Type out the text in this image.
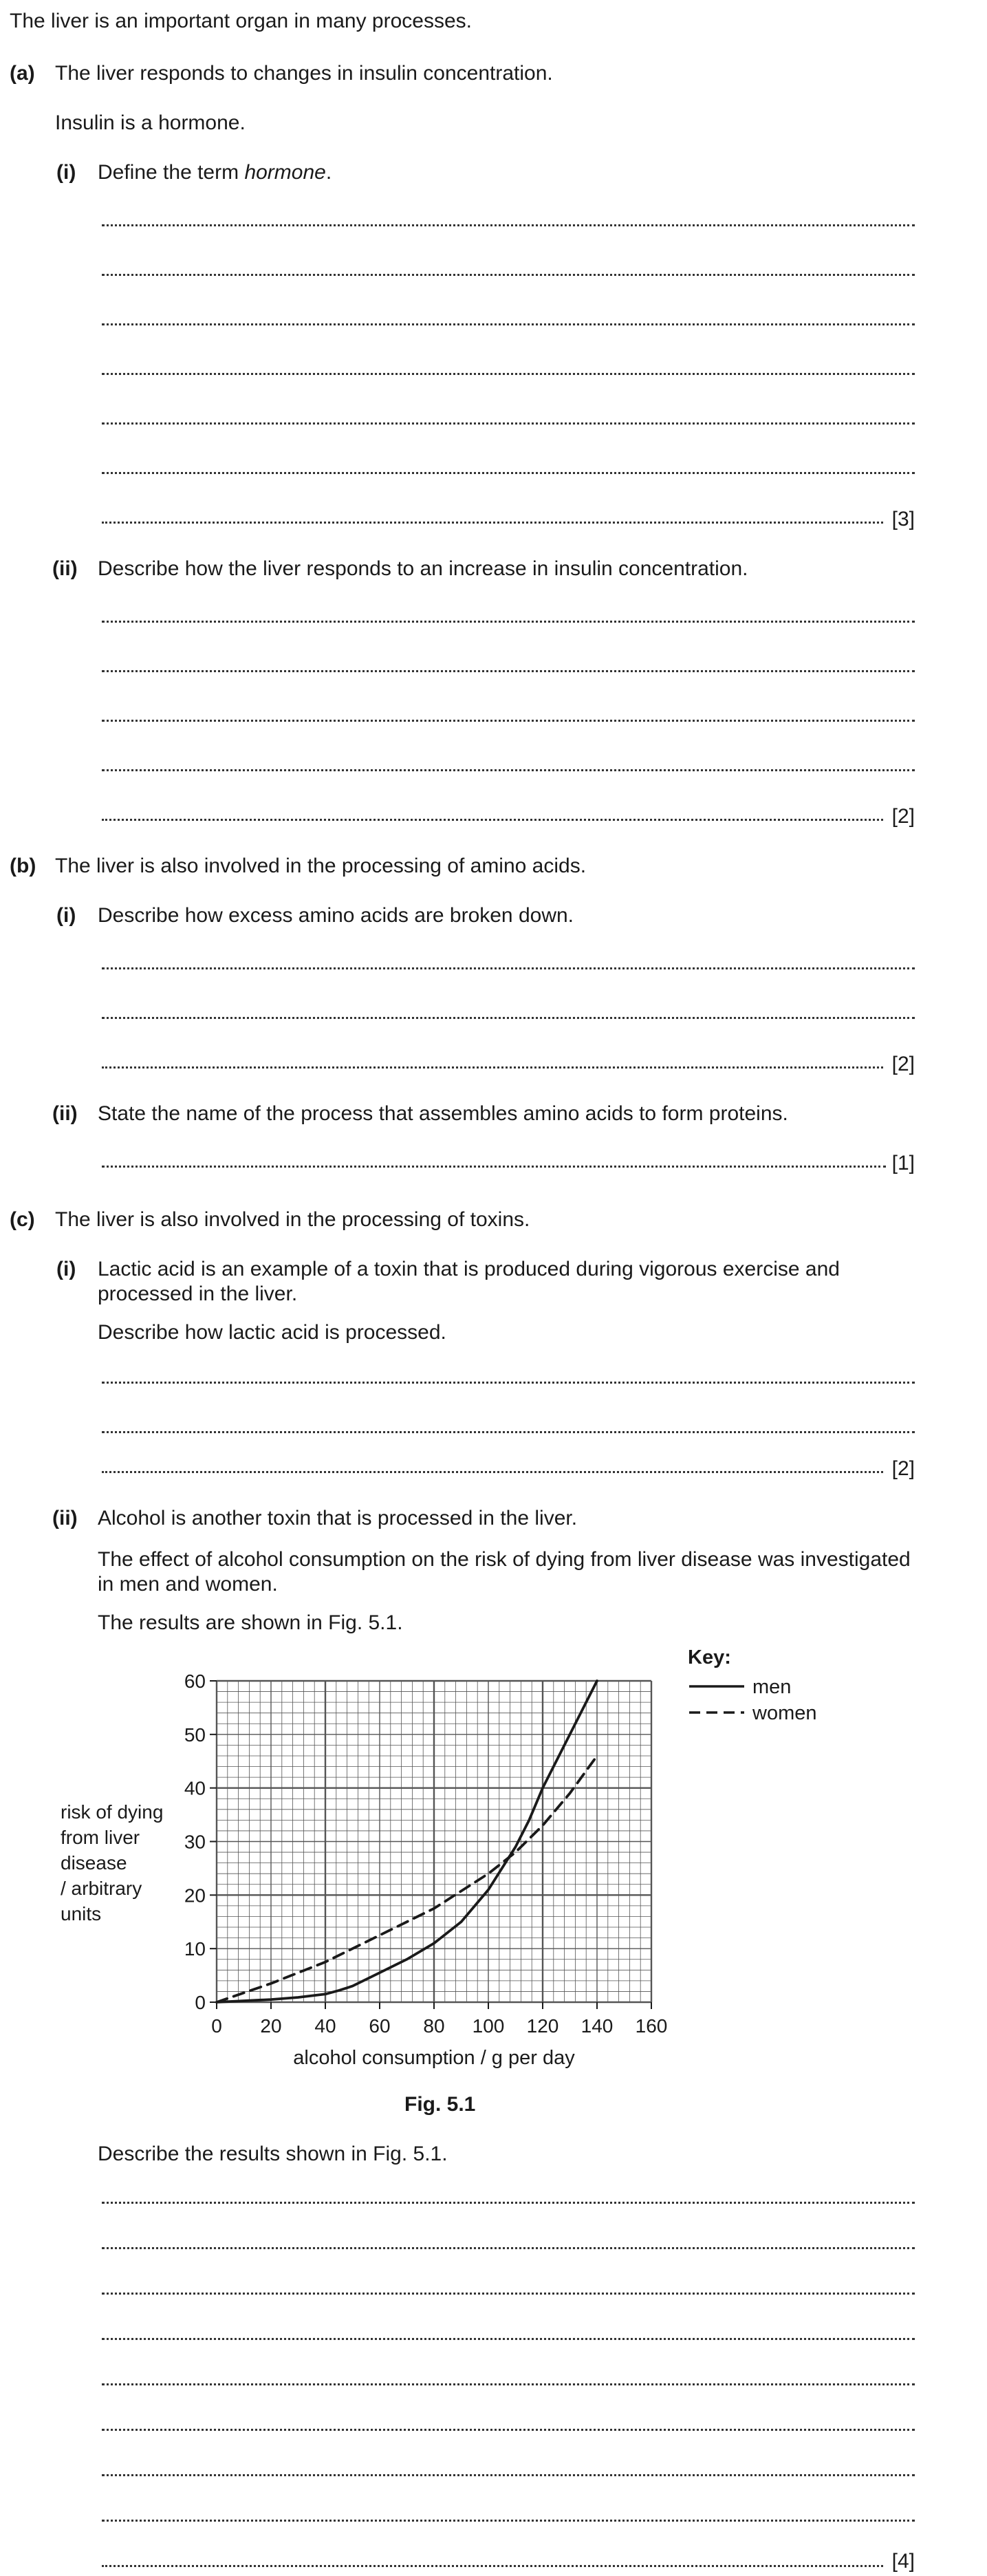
The liver is an important organ in many processes.

(a) The liver responds to changes in insulin concentration.
Insulin is a hormone.
(i) Define the term hormone.
[3]
(ii) Describe how the liver responds to an increase in insulin concentration.
[2]
(b) The liver is also involved in the processing of amino acids.
(i) Describe how excess amino acids are broken down.
[2]
(ii) State the name of the process that assembles amino acids to form proteins.
[1]
(c) The liver is also involved in the processing of toxins.
(i) Lactic acid is an example of a toxin that is produced during vigorous exercise and
processed in the liver.
Describe how lactic acid is processed.
[2]
(ii) Alcohol is another toxin that is processed in the liver.
The effect of alcohol consumption on the risk of dying from liver disease was investigated
in men and women.
The results are shown in Fig. 5.1.
0 20 40 60 80 100 120 140 160
0
10
20
30
40
50
60
risk of dying
from liver
disease
/ arbitrary
units
alcohol consumption / g per day
Key:
men
women
Fig. 5.1
Describe the results shown in Fig. 5.1.
[4]
